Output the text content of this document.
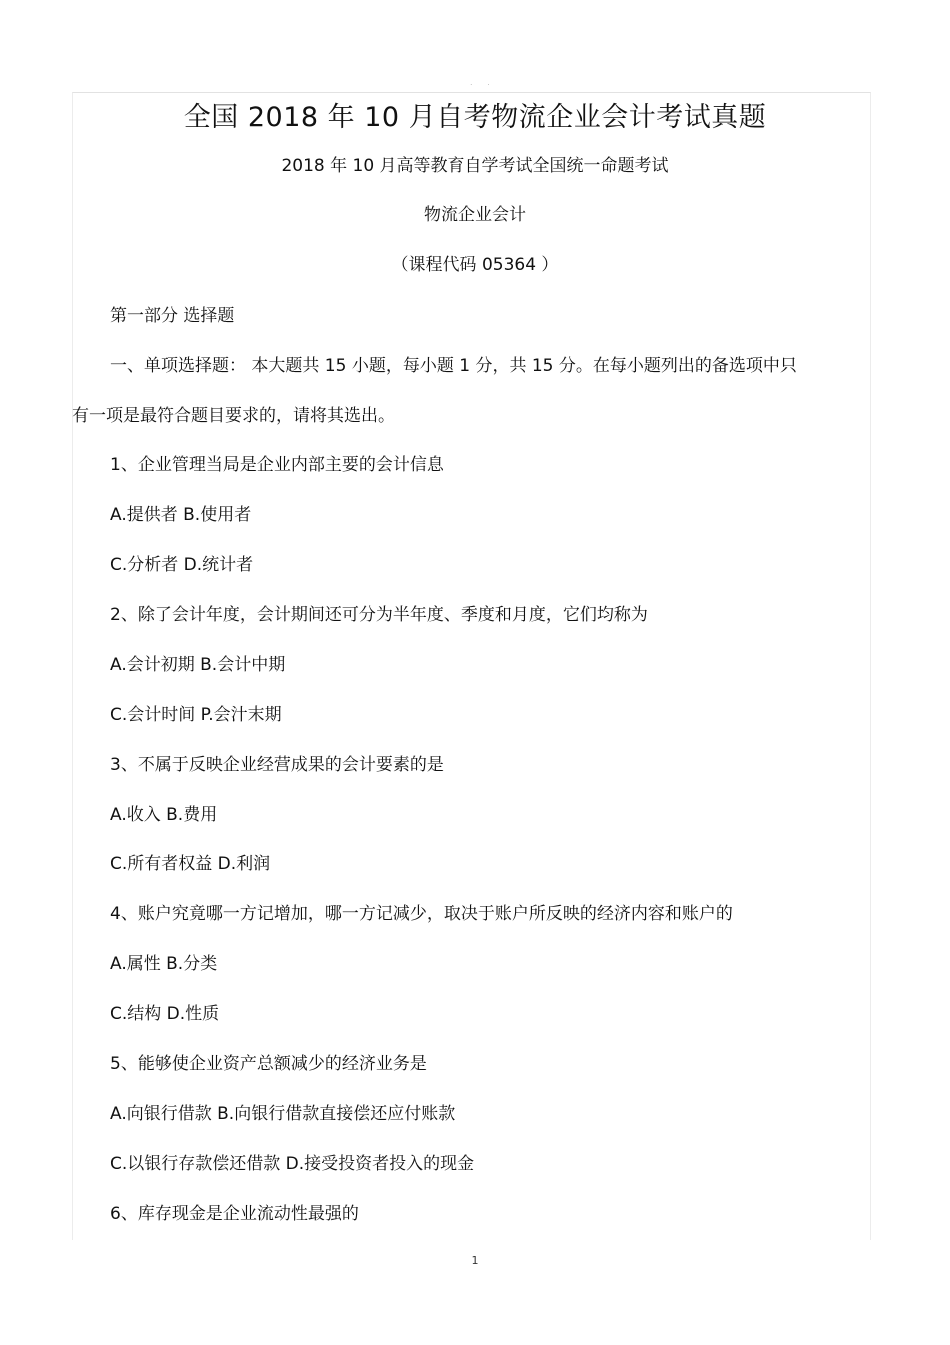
. .
全国 2018 年 10 月自考物流企业会计考试真题
2018 年 10 月高等教育自学考试全国统一命题考试
物流企业会计
（课程代码 05364 ）
第一部分 选择题
一、单项选择题： 本大题共 15 小题，每小题 1 分，共 15 分。在每小题列出的备选项中只
有一项是最符合题目要求的，请将其选出。
1、企业管理当局是企业内部主要的会计信息
A.提供者 B.使用者
C.分析者 D.统计者
2、除了会计年度，会计期间还可分为半年度、季度和月度，它们均称为
A.会计初期 B.会计中期
C.会计时间 P.会汁末期
3、不属于反映企业经营成果的会计要素的是
A.收入 B.费用
C.所有者权益 D.利润
4、账户究竟哪一方记增加，哪一方记减少，取决于账户所反映的经济内容和账户的
A.属性 B.分类
C.结构 D.性质
5、能够使企业资产总额减少的经济业务是
A.向银行借款 B.向银行借款直接偿还应付账款
C.以银行存款偿还借款 D.接受投资者投入的现金
6、库存现金是企业流动性最强的
1
